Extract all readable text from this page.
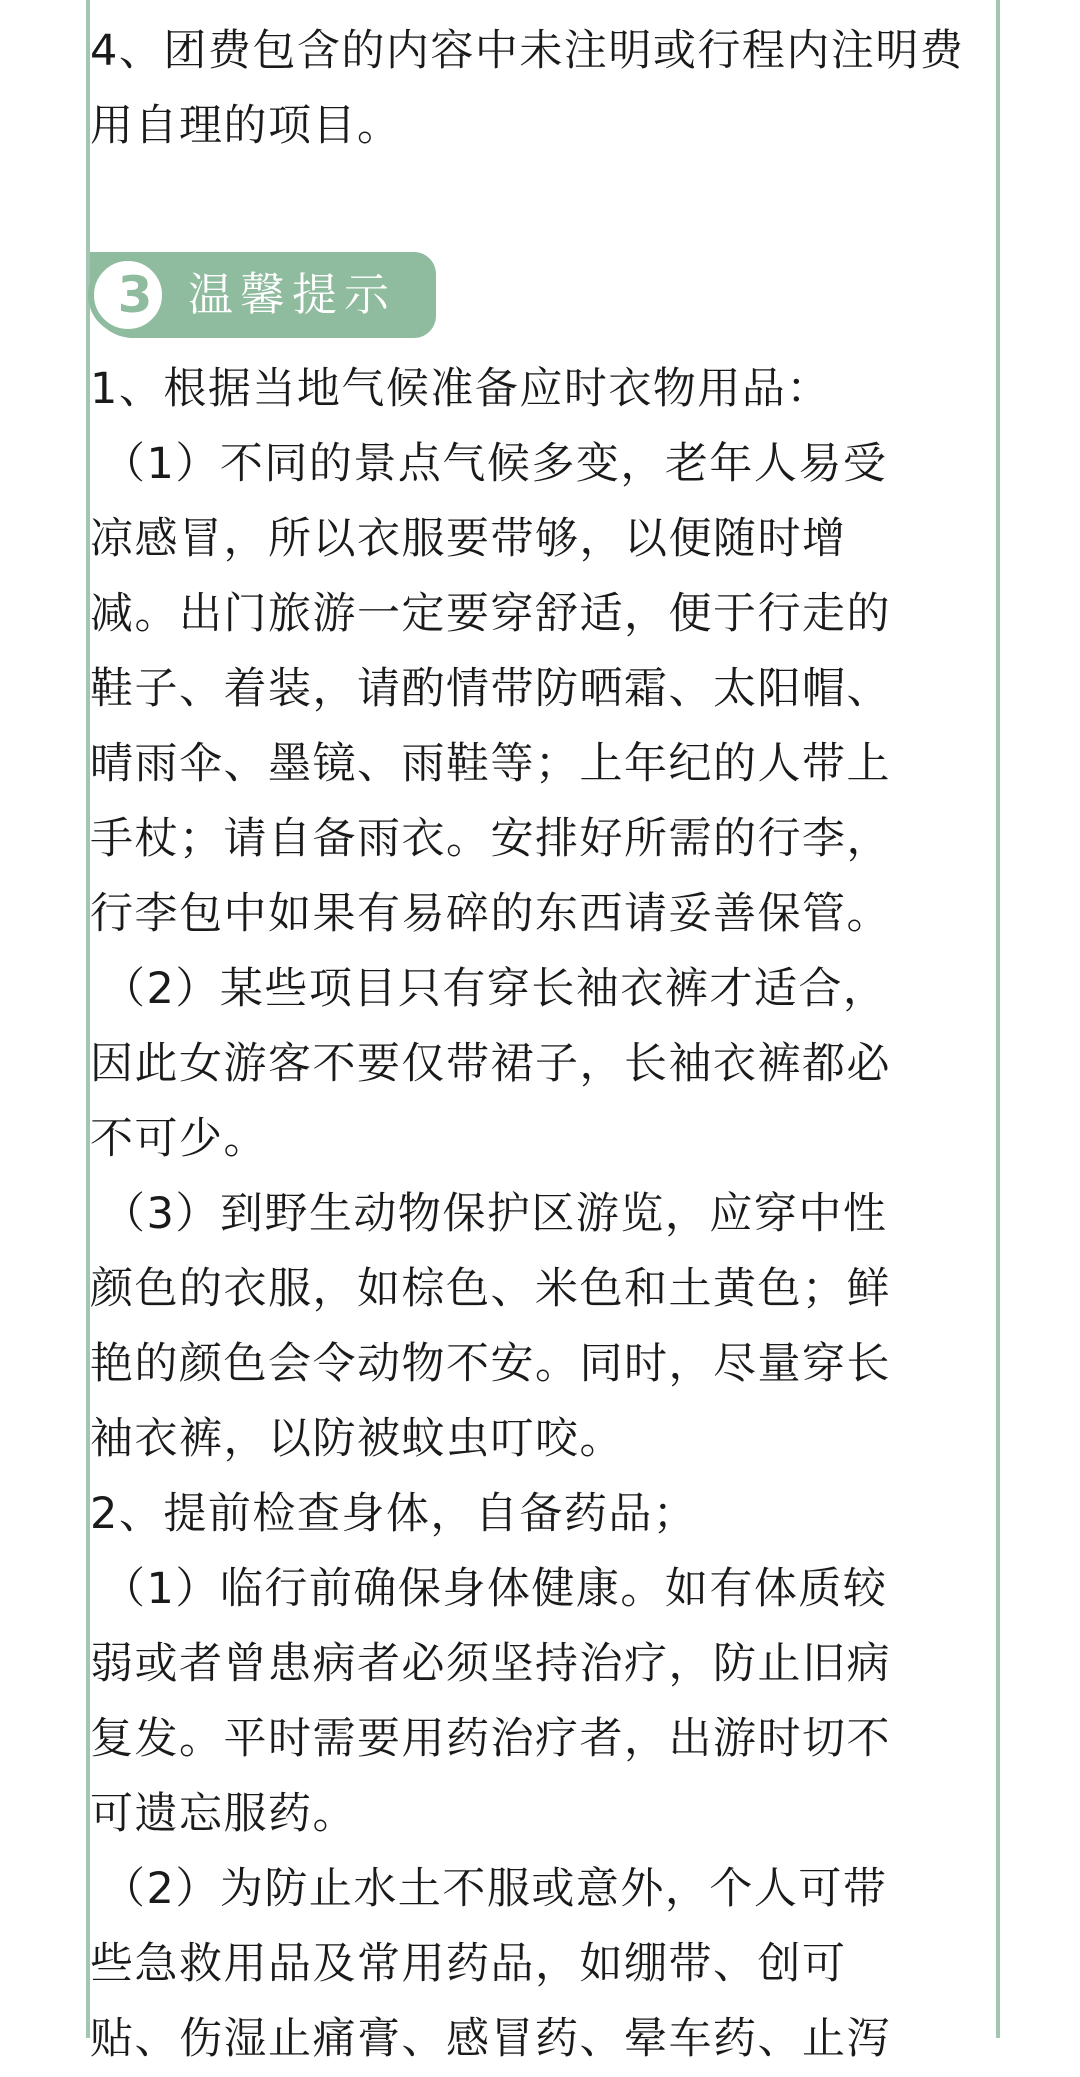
4、团费包含的内容中未注明或行程内注明费
用自理的项目。
3 温馨提示
1、根据当地气候准备应时衣物用品：
（1）不同的景点气候多变，老年人易受
凉感冒，所以衣服要带够，以便随时增
减。出门旅游一定要穿舒适，便于行走的
鞋子、着装，请酌情带防晒霜、太阳帽、
晴雨伞、墨镜、雨鞋等；上年纪的人带上
手杖；请自备雨衣。安排好所需的行李，
行李包中如果有易碎的东西请妥善保管。
（2）某些项目只有穿长袖衣裤才适合，
因此女游客不要仅带裙子，长袖衣裤都必
不可少。
（3）到野生动物保护区游览，应穿中性
颜色的衣服，如棕色、米色和土黄色；鲜
艳的颜色会令动物不安。同时，尽量穿长
袖衣裤，以防被蚊虫叮咬。
2、提前检查身体，自备药品；
（1）临行前确保身体健康。如有体质较
弱或者曾患病者必须坚持治疗，防止旧病
复发。平时需要用药治疗者，出游时切不
可遗忘服药。
（2）为防止水土不服或意外，个人可带
些急救用品及常用药品，如绷带、创可
贴、伤湿止痛膏、感冒药、晕车药、止泻
